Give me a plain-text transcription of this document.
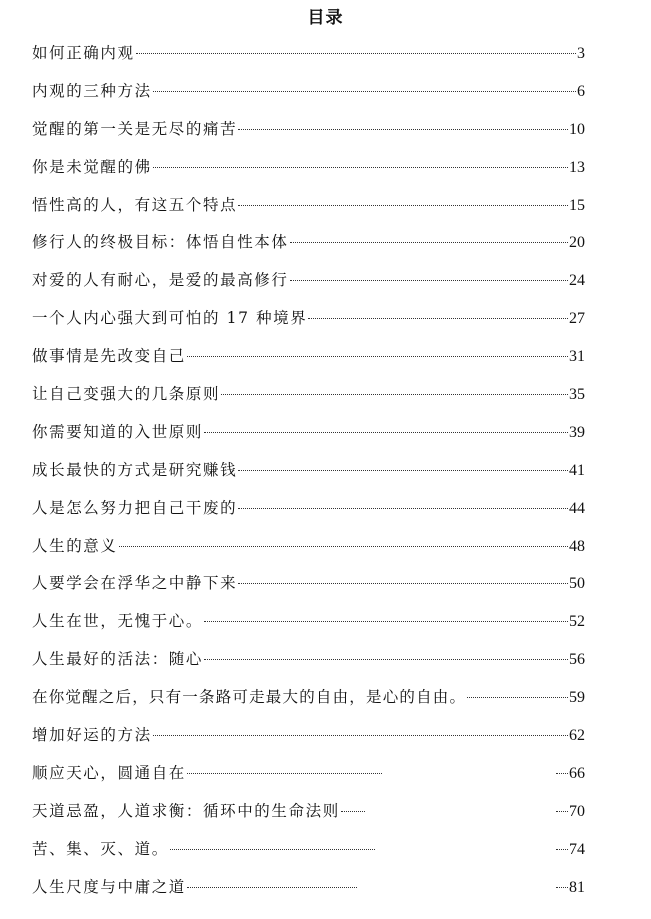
目录
如何正确内观	3
内观的三种方法	6
觉醒的第一关是无尽的痛苦	10
你是未觉醒的佛	13
悟性高的人，有这五个特点	15
修行人的终极目标：体悟自性本体	20
对爱的人有耐心，是爱的最高修行	24
一个人内心强大到可怕的 17 种境界	27
做事情是先改变自己	31
让自己变强大的几条原则	35
你需要知道的入世原则	39
成长最快的方式是研究赚钱	41
人是怎么努力把自己干废的	44
人生的意义	48
人要学会在浮华之中静下来	50
人生在世，无愧于心。	52
人生最好的活法：随心	56
在你觉醒之后，只有一条路可走最大的自由，是心的自由。	59
增加好运的方法	62
顺应天心，圆通自在	66
天道忌盈，人道求衡：循环中的生命法则	70
苦、集、灭、道。	74
人生尺度与中庸之道	81
